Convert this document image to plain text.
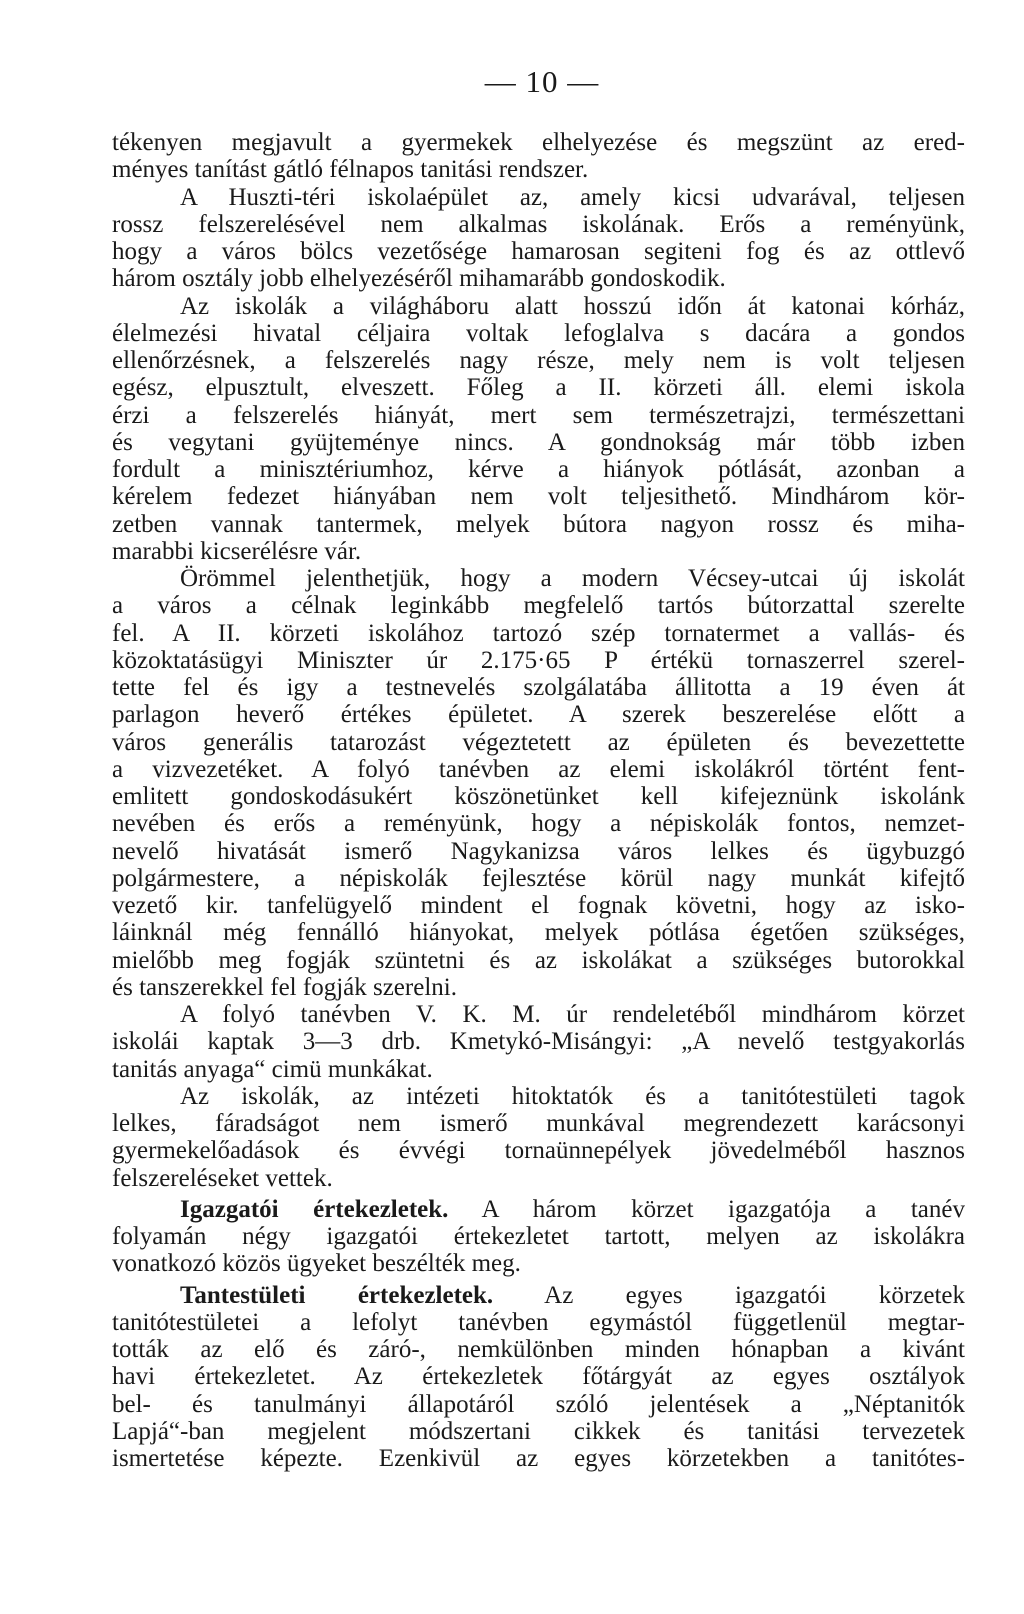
— 10 —
tékenyen megjavult a gyermekek elhelyezése és megszünt az ered-
ményes tanítást gátló félnapos tanitási rendszer.
A Huszti-téri iskolaépület az, amely kicsi udvarával, teljesen
rossz felszerelésével nem alkalmas iskolának. Erős a reményünk,
hogy a város bölcs vezetősége hamarosan segiteni fog és az ottlevő
három osztály jobb elhelyezéséről mihamarább gondoskodik.
Az iskolák a világháboru alatt hosszú időn át katonai kórház,
élelmezési hivatal céljaira voltak lefoglalva s dacára a gondos
ellenőrzésnek, a felszerelés nagy része, mely nem is volt teljesen
egész, elpusztult, elveszett. Főleg a II. körzeti áll. elemi iskola
érzi a felszerelés hiányát, mert sem természetrajzi, természettani
és vegytani gyüjteménye nincs. A gondnokság már több izben
fordult a minisztériumhoz, kérve a hiányok pótlását, azonban a
kérelem fedezet hiányában nem volt teljesithető. Mindhárom kör-
zetben vannak tantermek, melyek bútora nagyon rossz és miha-
marabbi kicserélésre vár.
Örömmel jelenthetjük, hogy a modern Vécsey-utcai új iskolát
a város a célnak leginkább megfelelő tartós bútorzattal szerelte
fel. A II. körzeti iskolához tartozó szép tornatermet a vallás- és
közoktatásügyi Miniszter úr 2.175·65 P értékü tornaszerrel szerel-
tette fel és igy a testnevelés szolgálatába állitotta a 19 éven át
parlagon heverő értékes épületet. A szerek beszerelése előtt a
város generális tatarozást végeztetett az épületen és bevezettette
a vizvezetéket. A folyó tanévben az elemi iskolákról történt fent-
emlitett gondoskodásukért köszönetünket kell kifejeznünk iskolánk
nevében és erős a reményünk, hogy a népiskolák fontos, nemzet-
nevelő hivatását ismerő Nagykanizsa város lelkes és ügybuzgó
polgármestere, a népiskolák fejlesztése körül nagy munkát kifejtő
vezető kir. tanfelügyelő mindent el fognak követni, hogy az isko-
láinknál még fennálló hiányokat, melyek pótlása égetően szükséges,
mielőbb meg fogják szüntetni és az iskolákat a szükséges butorokkal
és tanszerekkel fel fogják szerelni.
A folyó tanévben V. K. M. úr rendeletéből mindhárom körzet
iskolái kaptak 3—3 drb. Kmetykó-Misángyi: „A nevelő testgyakorlás
tanitás anyaga“ cimü munkákat.
Az iskolák, az intézeti hitoktatók és a tanitótestületi tagok
lelkes, fáradságot nem ismerő munkával megrendezett karácsonyi
gyermekelőadások és évvégi tornaünnepélyek jövedelméből hasznos
felszereléseket vettek.
Igazgatói értekezletek. A három körzet igazgatója a tanév
folyamán négy igazgatói értekezletet tartott, melyen az iskolákra
vonatkozó közös ügyeket beszélték meg.
Tantestületi értekezletek. Az egyes igazgatói körzetek
tanitótestületei a lefolyt tanévben egymástól függetlenül megtar-
tották az elő és záró-, nemkülönben minden hónapban a kivánt
havi értekezletet. Az értekezletek főtárgyát az egyes osztályok
bel- és tanulmányi állapotáról szóló jelentések a „Néptanitók
Lapjá“-ban megjelent módszertani cikkek és tanitási tervezetek
ismertetése képezte. Ezenkivül az egyes körzetekben a tanitótes-
